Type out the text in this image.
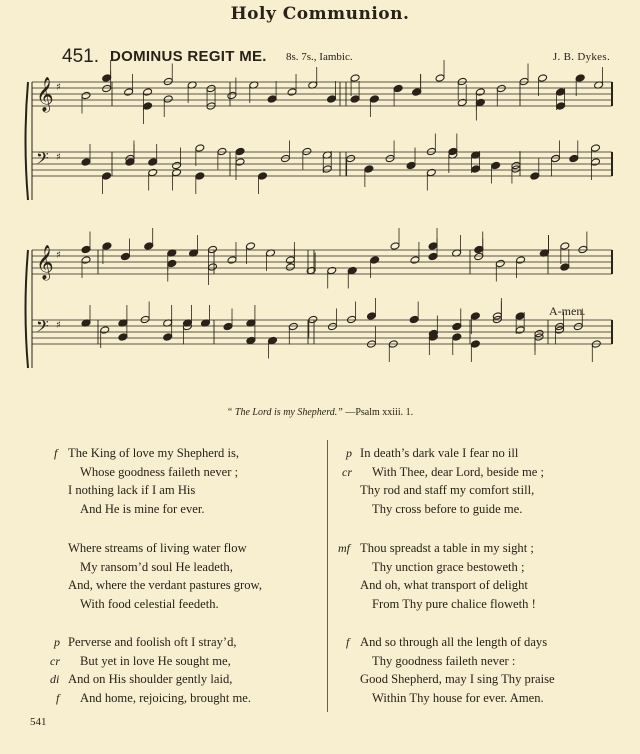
Holy Communion.
451. DOMINUS REGIT ME. 8s. 7s., Iambic.	J. B. Dykes.
𝄞 ♯
𝄢 ♯
𝄞 ♯
𝄢 ♯
A-men.
“ The Lord is my Shepherd.” —Psalm xxiii. 1.
f The King of love my Shepherd is,
Whose goodness faileth never ;
I nothing lack if I am His
And He is mine for ever.
Where streams of living water flow
My ransom’d soul He leadeth,
And, where the verdant pastures grow,
With food celestial feedeth.
p Perverse and foolish oft I stray’d,
cr But yet in love He sought me,
di And on His shoulder gently laid,
f And home, rejoicing, brought me.
p In death’s dark vale I fear no ill
cr With Thee, dear Lord, beside me ;
Thy rod and staff my comfort still,
Thy cross before to guide me.
mf Thou spreadst a table in my sight ;
Thy unction grace bestoweth ;
And oh, what transport of delight
From Thy pure chalice floweth !
f And so through all the length of days
Thy goodness faileth never :
Good Shepherd, may I sing Thy praise
Within Thy house for ever. Amen.
541
